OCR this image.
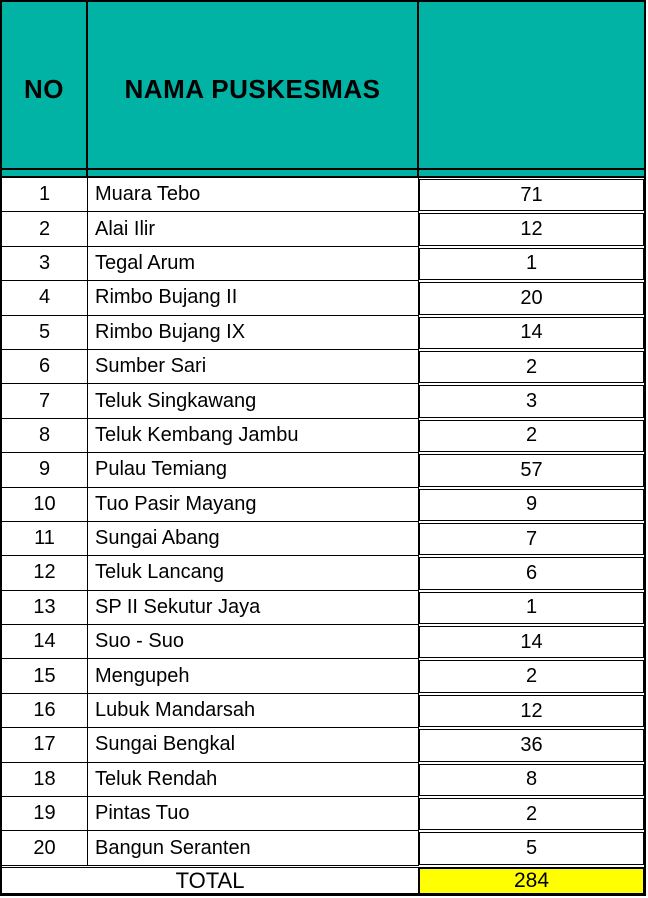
NO	NAMA PUSKESMAS
1	Muara Tebo	71
2	Alai Ilir	12
3	Tegal Arum	1
4	Rimbo Bujang II	20
5	Rimbo Bujang IX	14
6	Sumber Sari	2
7	Teluk Singkawang	3
8	Teluk Kembang Jambu	2
9	Pulau Temiang	57
10	Tuo Pasir Mayang	9
11	Sungai Abang	7
12	Teluk Lancang	6
13	SP II Sekutur Jaya	1
14	Suo - Suo	14
15	Mengupeh	2
16	Lubuk Mandarsah	12
17	Sungai Bengkal	36
18	Teluk Rendah	8
19	Pintas Tuo	2
20	Bangun Seranten	5
TOTAL	284
